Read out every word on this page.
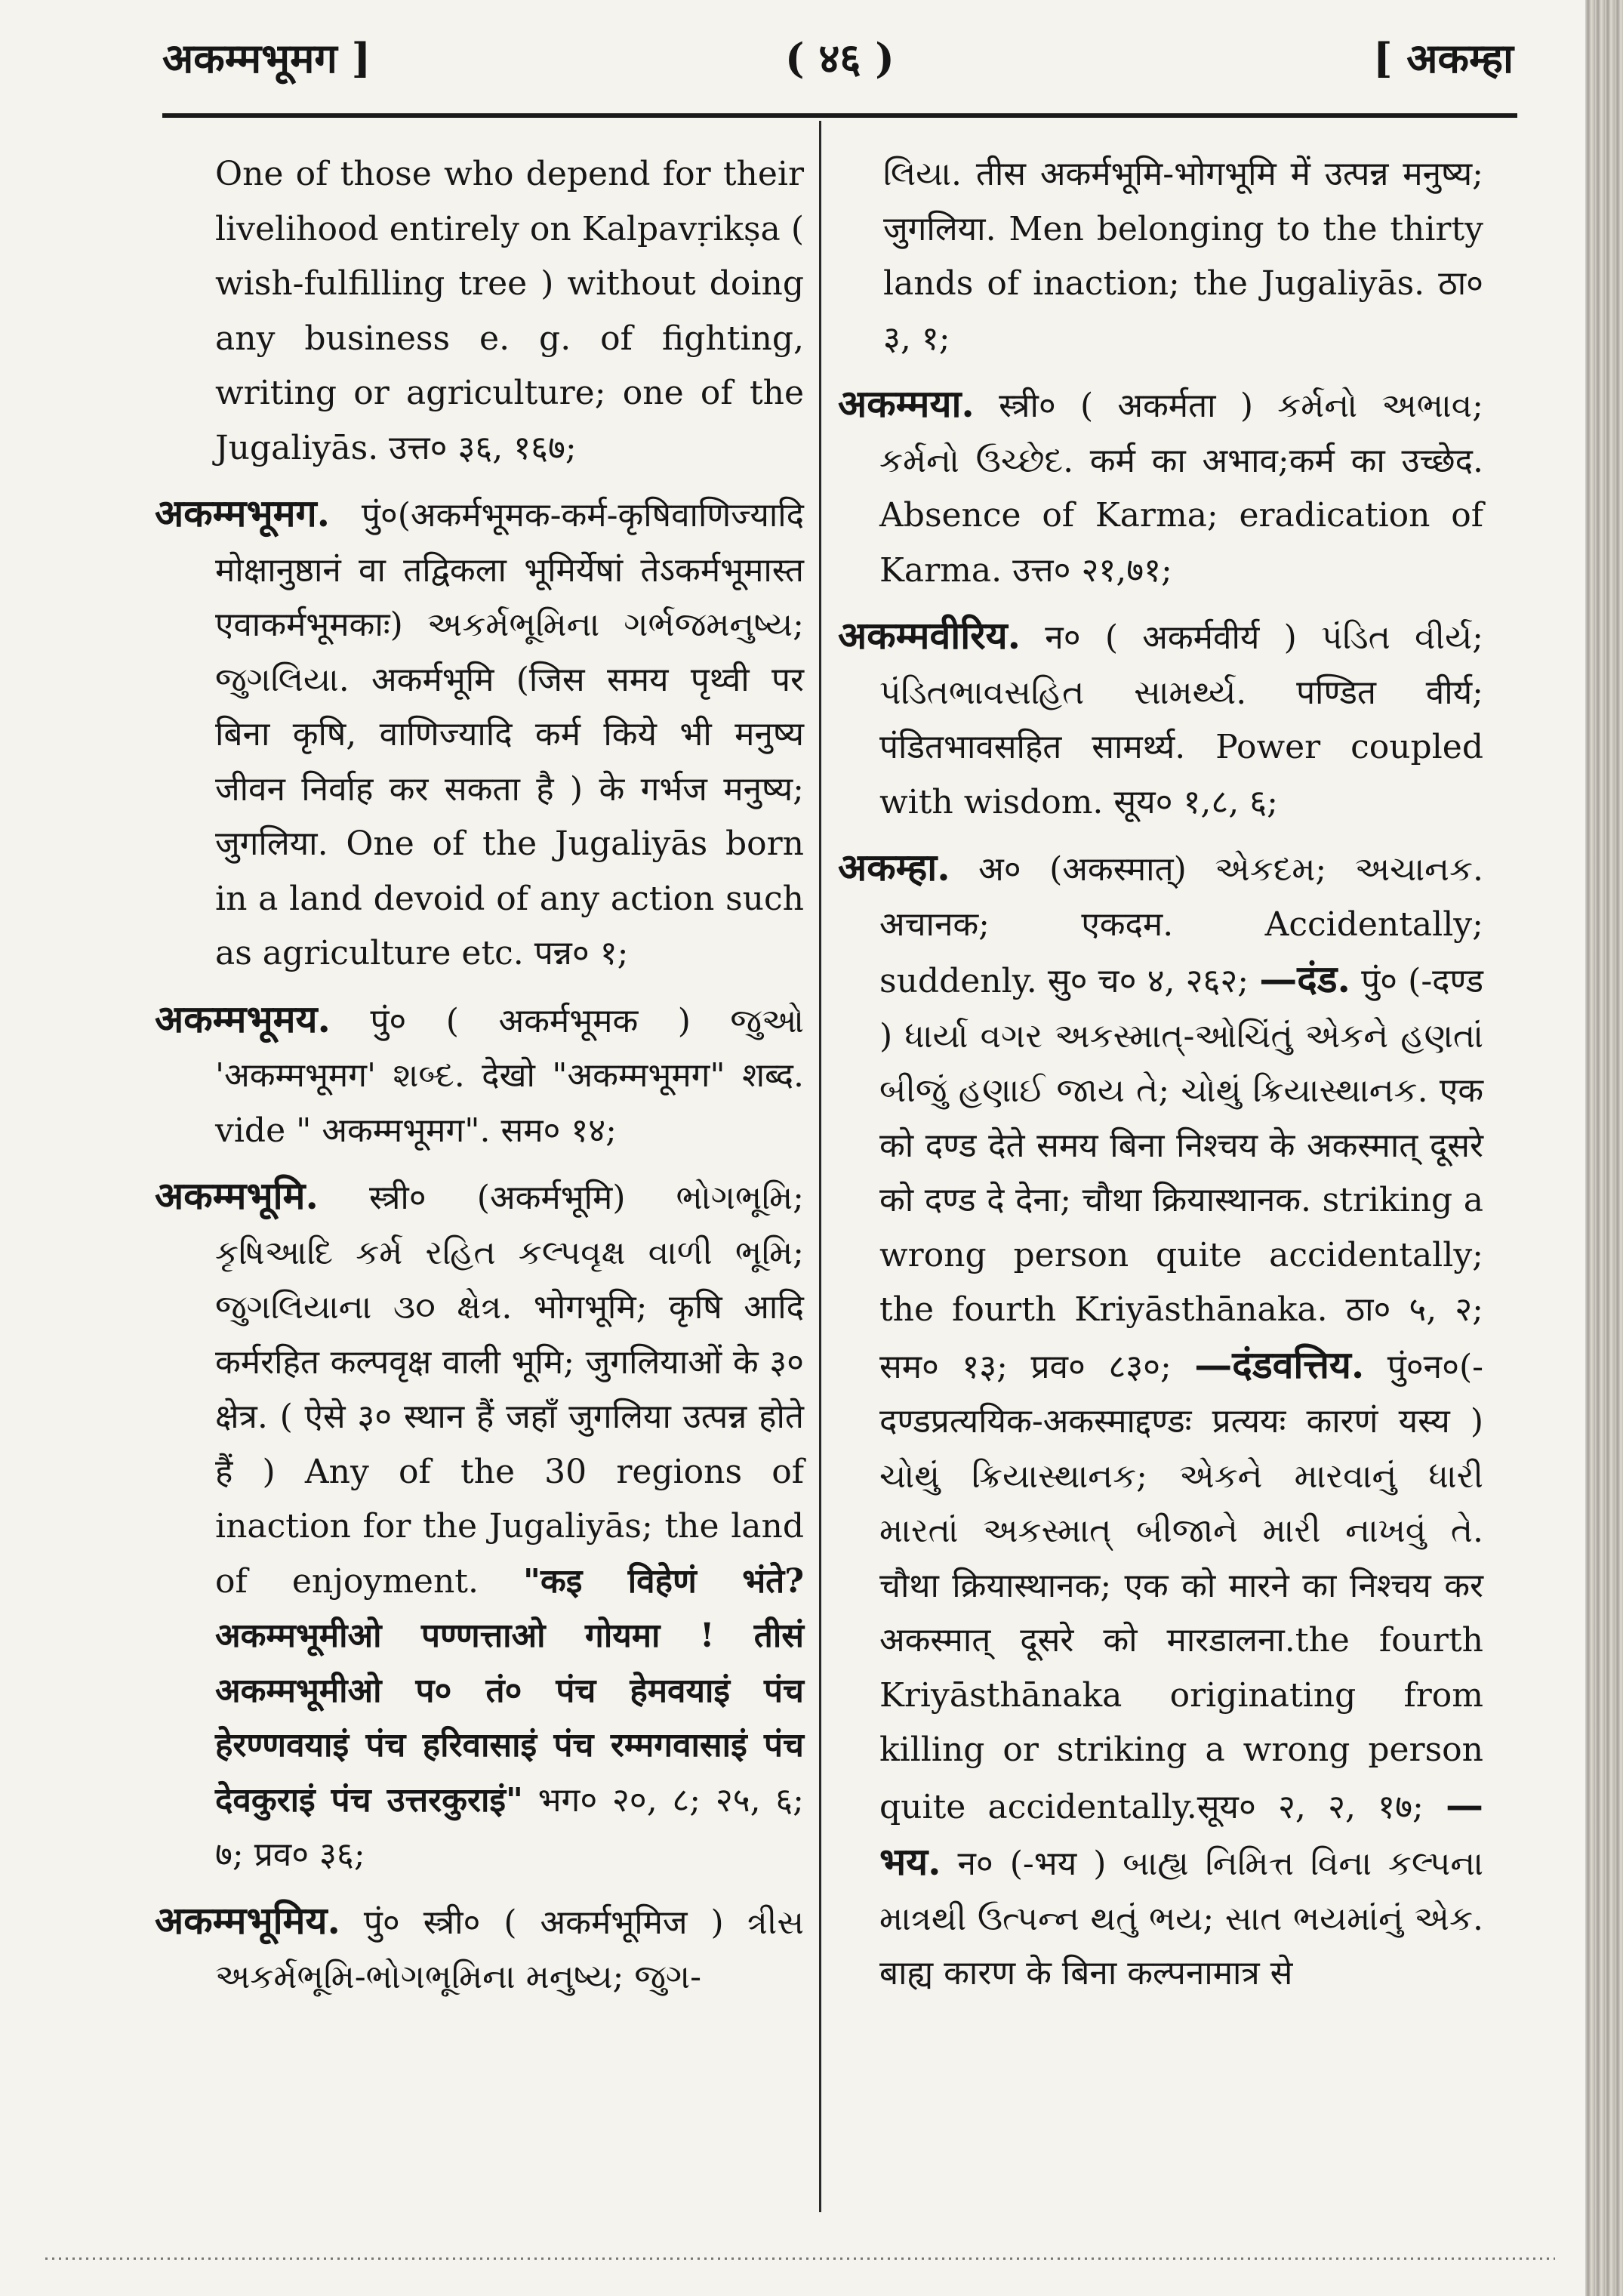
अकम्मभूमग ]	( ४६ )	[ अकम्हा

One of those who depend for their livelihood entirely on Kalpavṛikṣa ( wish-fulfilling tree ) without doing any business e. g. of fighting, writing or agriculture; one of the Jugaliyās. उत्त० ३६, १६७;

अकम्मभूमग. पुं०(अकर्मभूमक-कर्म-कृषिवाणिज्यादि मोक्षानुष्ठानं वा तद्विकला भूमिर्येषां तेऽकर्मभूमास्त एवाकर्मभूमकाः) અકર્મભૂમિના ગર્ભજમનુષ્ય; જુગલિયા. अकर्मभूमि (जिस समय पृथ्वी पर बिना कृषि, वाणिज्यादि कर्म किये भी मनुष्य जीवन निर्वाह कर सकता है ) के गर्भज मनुष्य; जुगलिया. One of the Jugaliyās born in a land devoid of any action such as agriculture etc. पन्न० १;

अकम्मभूमय. पुं० ( अकर्मभूमक ) જુઓ 'अकम्मभूमग' શબ્દ. देखो "अकम्मभूमग" शब्द. vide " अकम्मभूमग". सम० १४;

अकम्मभूमि. स्त्री० (अकर्मभूमि) ભોગભૂમિ; કૃષિઆદિ કર્મ રહિત કલ્પવૃક્ષ વાળી ભૂમિ; જુગલિયાના ૩૦ ક્ષેત્ર. भोगभूमि; कृषि आदि कर्मरहित कल्पवृक्ष वाली भूमि; जुगलियाओं के ३० क्षेत्र. ( ऐसे ३० स्थान हैं जहाँ जुगलिया उत्पन्न होते हैं ) Any of the 30 regions of inaction for the Jugaliyās; the land of enjoyment. "कइ विहेणं भंते? अकम्मभूमीओ पण्णत्ताओ गोयमा ! तीसं अकम्मभूमीओ प० तं० पंच हेमवयाइं पंच हेरण्णवयाइं पंच हरिवासाइं पंच रम्मगवासाइं पंच देवकुराइं पंच उत्तरकुराइं" भग० २०, ८; २५, ६; ७; प्रव० ३६;

अकम्मभूमिय. पुं० स्त्री० ( अकर्मभूमिज ) ત્રીસ અકર્મભૂમિ-ભોગભૂમિના મનુષ્ય; જુગ-

લિયા. तीस अकर्मभूमि-भोगभूमि में उत्पन्न मनुष्य; जुगलिया. Men belonging to the thirty lands of inaction; the Jugaliyās. ठा० ३, १;

अकम्मया. स्त्री० ( अकर्मता ) કર્મનો અભાવ; કર્મનો ઉચ્છેદ. कर्म का अभाव;कर्म का उच्छेद. Absence of Karma; eradication of Karma. उत्त० २१,७१;

अकम्मवीरिय. न० ( अकर्मवीर्य ) પંડિત વીર્ય; પંડિતભાવસહિત સામર્થ્ય. पण्डित वीर्य; पंडितभावसहित सामर्थ्य. Power coupled with wisdom. सूय० १,८, ६;

अकम्हा. अ० (अकस्मात्) એકદમ; અચાનક. अचानक; एकदम. Accidentally; suddenly. सु० च० ४, २६२; —दंड. पुं० (-दण्ड ) ધાર્યા વગર અકસ્માત્-ઓચિંતું એકને હણતાં બીજું હણાઈ જાય તે; ચોથું ક્રિયાસ્થાનક. एक को दण्ड देते समय बिना निश्चय के अकस्मात् दूसरे को दण्ड दे देना; चौथा क्रियास्थानक. striking a wrong person quite accidentally; the fourth Kriyāsthānaka. ठा० ५, २; सम० १३; प्रव० ८३०; —दंडवत्तिय. पुं०न०(-दण्डप्रत्ययिक-अकस्माद्दण्डः प्रत्ययः कारणं यस्य ) ચોથું ક્રિયાસ્થાનક; એકને મારવાનું ધારી મારતાં અકસ્માત્ બીજાને મારી નાખવું તે. चौथा क्रियास्थानक; एक को मारने का निश्चय कर अकस्मात् दूसरे को मारडालना.the fourth Kriyāsthānaka originating from killing or striking a wrong person quite accidentally.सूय० २, २, १७; —भय. न० (-भय ) બાહ્ય નિમિત્ત વિના કલ્પના માત્રથી ઉત્પન્ન થતું ભય; સાત ભયમાંનું એક. बाह्य कारण के बिना कल्पनामात्र से
